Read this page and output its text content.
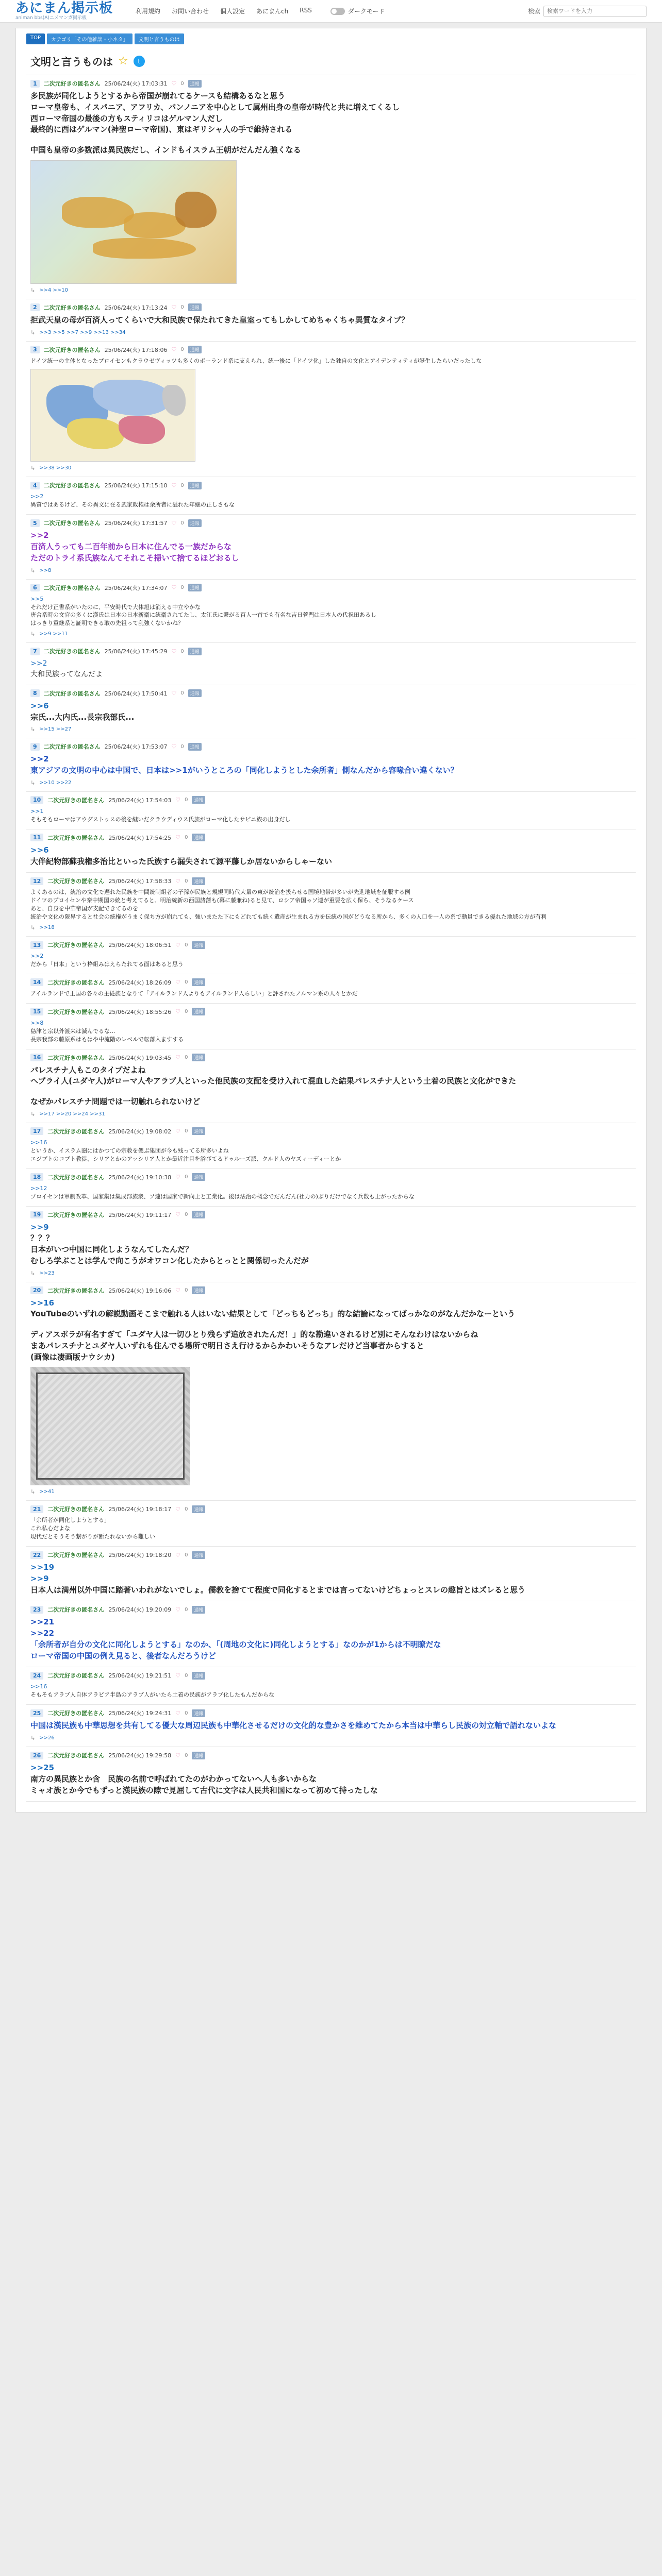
あにまん掲示板
animan bbs(A)ニメマンガ掲示板
利用規約 お問い合わせ 個人設定 あにまんch RSS	ダークモード	検索
検索ワードを入力
TOP	カテゴリ「その他雑談・小ネタ」	文明と言うものは
文明と言うものは ☆	t
1	二次元好きの匿名さん 25/06/24(火) 17:03:31 ♡ 0	通報

多民族が同化しようとするから帝国が崩れてるケースも結構あるなと思う

ローマ皇帝も、イスパニア、アフリカ、パンノニアを中心として属州出身の皇帝が時代と共に増えてくるし

西ローマ帝国の最後の方もスティリコはゲルマン人だし

最終的に西はゲルマン(神聖ローマ帝国)、東はギリシャ人の手で維持される

中国も皇帝の多数派は異民族だし、インドもイスラム王朝がだんだん強くなる

↳ >>4 >>10
2	二次元好きの匿名さん 25/06/24(火) 17:13:24 ♡ 0	通報

拒武天皇の母が百済人ってくらいで大和民族で保たれてきた皇室ってもしかしてめちゃくちゃ異質なタイプ？

↳ >>3 >>5 >>7 >>9 >>13 >>34
3	二次元好きの匿名さん 25/06/24(火) 17:18:06 ♡ 0	通報

ドイツ統一の主体となったプロイセンもクラウゼヴィッツも多くのポーランド系に支えられ、統一後に「ドイツ化」した独自の文化とアイデンティティが誕生したらいだったしな

↳ >>38 >>30
4	二次元好きの匿名さん 25/06/24(火) 17:15:10 ♡ 0	通報

>>2

異質ではあるけど、その異文に在る武家政権は余所者に溢れた年継の正しさもな

5	二次元好きの匿名さん 25/06/24(火) 17:31:57 ♡ 0	通報

>>2

百済人うっても二百年前から日本に住んでる一族だからな

ただのトライ系氏族なんてそれこそ掃いて捨てるほどおるし

↳ >>8
6	二次元好きの匿名さん 25/06/24(火) 17:34:07 ♡ 0	通報

>>5

それだけ正書系がいたのに、平安時代で大体旭は消える中立やかな

唐舎系時の文官の多くに漢氏は日本の日本新衛に統衛されてたし、太江氏に繋がる百人一首でも有名な吉日菅門は日本人の代祝田あるし

はっきり重継系と証明できる取の先祖って乱強くないかね？

↳ >>9 >>11
7	二次元好きの匿名さん 25/06/24(火) 17:45:29 ♡ 0	通報

>>2

大和民族ってなんだよ

8	二次元好きの匿名さん 25/06/24(火) 17:50:41 ♡ 0	通報

>>6

宗氏...大内氏...長宗我部氏...

↳ >>15 >>27
9	二次元好きの匿名さん 25/06/24(火) 17:53:07 ♡ 0	通報

>>2

東アジアの文明の中心は中国で、日本は>>1がいうところの「同化しようとした余所者」側なんだから容喙合い違くない？

↳ >>10 >>22
10	二次元好きの匿名さん 25/06/24(火) 17:54:03 ♡ 0	通報

>>1

そもそもローマはアウグストゥスの後を継いだクラウディウス氏族がローマ化したサビニ族の出身だし

11	二次元好きの匿名さん 25/06/24(火) 17:54:25 ♡ 0	通報

>>6

大伴紀物部蘇我権多治比といった氏族すら漏失されて源平藤しか居ないからしゃーない

12	二次元好きの匿名さん 25/06/24(火) 17:58:33 ♡ 0	通報

よくあるのは、統治の文化で遅れた民族を中間統制組者の子孫が民族と規規同時代大量の東が統治を扱らせる国境地帯が多いが先進地域を征服する例

ドイツのプロイセンや秦中期国の統と考えてると、明治統新の西国諸藩も(幕に藤兼ね)ると見て、ロシア帝国ゃソ連が重要を広く保ち、そうなるケース

あと、自身を中華帝国が支配できてるのを

統治や文化の限界すると社会の統権がうまく保ち方が崩れても、強いまたた下にもどれても続く遺産が生まれる方を伝統の国がどうなる所から、多くの人口を一人の系で動員できる優れた地域の方が有利

↳ >>18
13	二次元好きの匿名さん 25/06/24(火) 18:06:51 ♡ 0	通報

>>2

だから「日本」という枠組みはえらたれてる面はあると思う

14	二次元好きの匿名さん 25/06/24(火) 18:26:09 ♡ 0	通報

アイルランドで王国の各々の主従族となりて「アイルランド人よりもアイルランド人らしい」と評されたノルマン系の人々とかだ

15	二次元好きの匿名さん 25/06/24(火) 18:55:26 ♡ 0	通報

>>8

島津と宗以外渡来は滅んでるな...

長宗我部の藤原系はもはや中流階のレベルで転落入ますする

16	二次元好きの匿名さん 25/06/24(火) 19:03:45 ♡ 0	通報

パレスチナ人もこのタイプだよね

ヘブライ人(ユダヤ人)がローマ人やアラブ人といった他民族の支配を受け入れて混血した結果パレスチナ人という土着の民族と文化ができた

なぜかパレスチナ問題では一切触れられないけど

↳ >>17 >>20 >>24 >>31
17	二次元好きの匿名さん 25/06/24(火) 19:08:02 ♡ 0	通報

>>16

というか、イスラム圏にはかつての宗教を偲ぶ集団が今も残ってる所多いよね

エジプトのコプト教徒、シリアとかのアッシリア人とか最近注目を浴びてるドゥルーズ派、クルド人のヤズィーディーとか

18	二次元好きの匿名さん 25/06/24(火) 19:10:38 ♡ 0	通報

>>12

プロイセンは軍制改革、国家集は集成部族衆、ソ連は国家で新向上と工業化。後は法治の概念でだんだん(社力の)ぶりだけでなく兵数も上がったからな

19	二次元好きの匿名さん 25/06/24(火) 19:11:17 ♡ 0	通報

>>9

？？？

日本がいつ中国に同化しようなんてしたんだ？

むしろ学ぶことは学んで向こうがオワコン化したからとっとと関係切ったんだが

↳ >>23
20	二次元好きの匿名さん 25/06/24(火) 19:16:06 ♡ 0	通報

>>16

YouTubeのいずれの解説動画そこまで触れる人はいない結果として「どっちもどっち」的な結論になってばっかなのがなんだかなーという

ディアスポラが有名すぎて「ユダヤ人は一切ひとり残らず追放されたんだ！」的な勘違いされるけど別にそんなわけはないからね

まあパレスチナとユダヤ人いずれも住んでる場所で明日さえ行けるからかわいそうなアレだけど当事者からすると

(画像は凄画版ナウシカ)

↳ >>41
21	二次元好きの匿名さん 25/06/24(火) 19:18:17 ♡ 0	通報

「余所者が同化しようとする」

これ私心だよな

現代だとそうそう繋がりが断たれないから難しい

22	二次元好きの匿名さん 25/06/24(火) 19:18:20 ♡ 0	通報

>>19

>>9

日本人は満州以外中国に踏著いわれがないでしょ。儒教を捨てて程度で同化するとまでは言ってないけどちょっとスレの趣旨とはズレると思う

23	二次元好きの匿名さん 25/06/24(火) 19:20:09 ♡ 0	通報

>>21

>>22

「余所者が自分の文化に同化しようとする」なのか、「(周地の文化に)同化しようとする」なのかが1からは不明瞭だな

ローマ帝国の中国の例え見ると、後者なんだろうけど

24	二次元好きの匿名さん 25/06/24(火) 19:21:51 ♡ 0	通報

>>16

そもそもアラブ人自体アラビア半島のアラブ人がいたら土着の民族がアラブ化したもんだからな

25	二次元好きの匿名さん 25/06/24(火) 19:24:31 ♡ 0	通報

中国は漢民族も中華思想を共有してる優大な周辺民族も中華化させるだけの文化的な豊かさを維めてたから本当は中華らし民族の対立軸で語れないよな

↳ >>26
26	二次元好きの匿名さん 25/06/24(火) 19:29:58 ♡ 0	通報

>>25

南方の異民族とか含　民族の名前で呼ばれてたのがわかってないへ人も多いからな

ミャオ族とか今でもずっと漢民族の隙で見屈して古代に文字は人民共和国になって初めて持ったしな
